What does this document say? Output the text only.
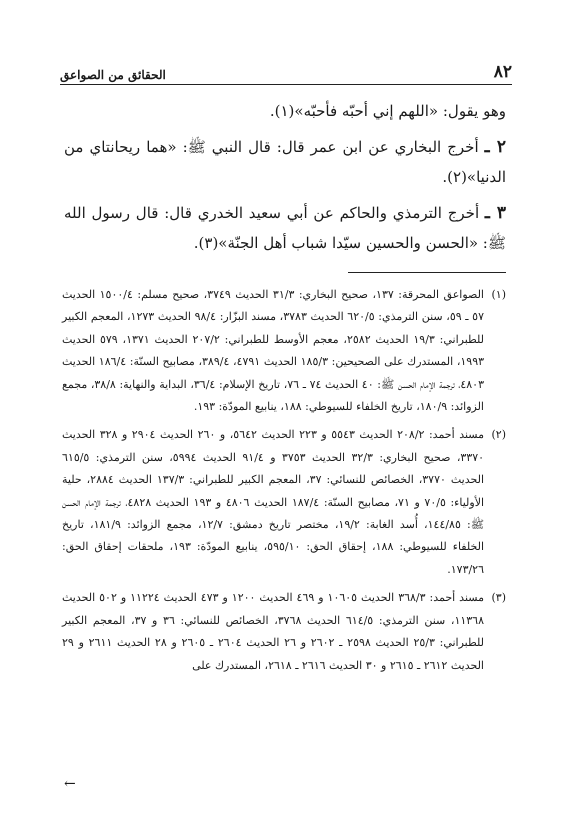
٨٢
الحقائق من الصواعق

وهو يقول: «اللهم إني أحبّه فأحبّه»(١).

٢ ـ أخرج البخاري عن ابن عمر قال: قال النبي ﷺ: «هما ريحانتاي من الدنيا»(٢).

٣ ـ أخرج الترمذي والحاكم عن أبي سعيد الخدري قال: قال رسول الله ﷺ: «الحسن والحسين سيّدا شباب أهل الجنّة»(٣).

(١)
الصواعق المحرقة: ١٣٧، صحيح البخاري: ٣١/٣ الحديث ٣٧٤٩، صحيح مسلم: ١٥٠٠/٤ الحديث ٥٧ ـ ٥٩، سنن الترمذي: ٦٢٠/٥ الحديث ٣٧٨٣، مسند البزّار: ٩٨/٤ الحديث ١٢٧٣، المعجم الكبير للطبراني: ١٩/٣ الحديث ٢٥٨٢، معجم الأوسط للطبراني: ٢٠٧/٢ الحديث ١٣٧١، ٥٧٩ الحديث ١٩٩٣، المستدرك على الصحيحين: ١٨٥/٣ الحديث ٤٧٩١، ٣٨٩/٤، مصابيح السنّة: ١٨٦/٤ الحديث ٤٨٠٣، ترجمة الإمام الحسن ﷺ: ٤٠ الحديث ٧٤ ـ ٧٦، تاريخ الإسلام: ٣٦/٤، البداية والنهاية: ٣٨/٨، مجمع الزوائد: ١٨٠/٩، تاريخ الخلفاء للسيوطي: ١٨٨، ينابيع المودّة: ١٩٣.
(٢)
مسند أحمد: ٢٠٨/٢ الحديث ٥٥٤٣ و ٢٢٣ الحديث ٥٦٤٢، و ٢٦٠ الحديث ٢٩٠٤ و ٣٢٨ الحديث ٣٣٧٠، صحيح البخاري: ٣٢/٣ الحديث ٣٧٥٣ و ٩١/٤ الحديث ٥٩٩٤، سنن الترمذي: ٦١٥/٥ الحديث ٣٧٧٠، الخصائص للنسائي: ٣٧، المعجم الكبير للطبراني: ١٣٧/٣ الحديث ٢٨٨٤، حلية الأولياء: ٧٠/٥ و ٧١، مصابيح السنّة: ١٨٧/٤ الحديث ٤٨٠٦ و ١٩٣ الحديث ٤٨٢٨، ترجمة الإمام الحسن ﷺ: ١٤٤/٨٥، أُسد الغابة: ١٩/٢، مختصر تاريخ دمشق: ١٢/٧، مجمع الزوائد: ١٨١/٩، تاريخ الخلفاء للسيوطي: ١٨٨، إحقاق الحق: ٥٩٥/١٠، ينابيع المودّة: ١٩٣، ملحقات إحقاق الحق: ١٧٣/٢٦.
(٣)
مسند أحمد: ٣٦٨/٣ الحديث ١٠٦٠٥ و ٤٦٩ الحديث ١٢٠٠ و ٤٧٣ الحديث ١١٢٢٤ و ٥٠٢ الحديث ١١٣٦٨، سنن الترمذي: ٦١٤/٥ الحديث ٣٧٦٨، الخصائص للنسائي: ٣٦ و ٣٧، المعجم الكبير للطبراني: ٢٥/٣ الحديث ٢٥٩٨ ـ ٢٦٠٢ و ٢٦ الحديث ٢٦٠٤ ـ ٢٦٠٥ و ٢٨ الحديث ٢٦١١ و ٢٩ الحديث ٢٦١٢ ـ ٢٦١٥ و ٣٠ الحديث ٢٦١٦ ـ ٢٦١٨، المستدرك على
←
